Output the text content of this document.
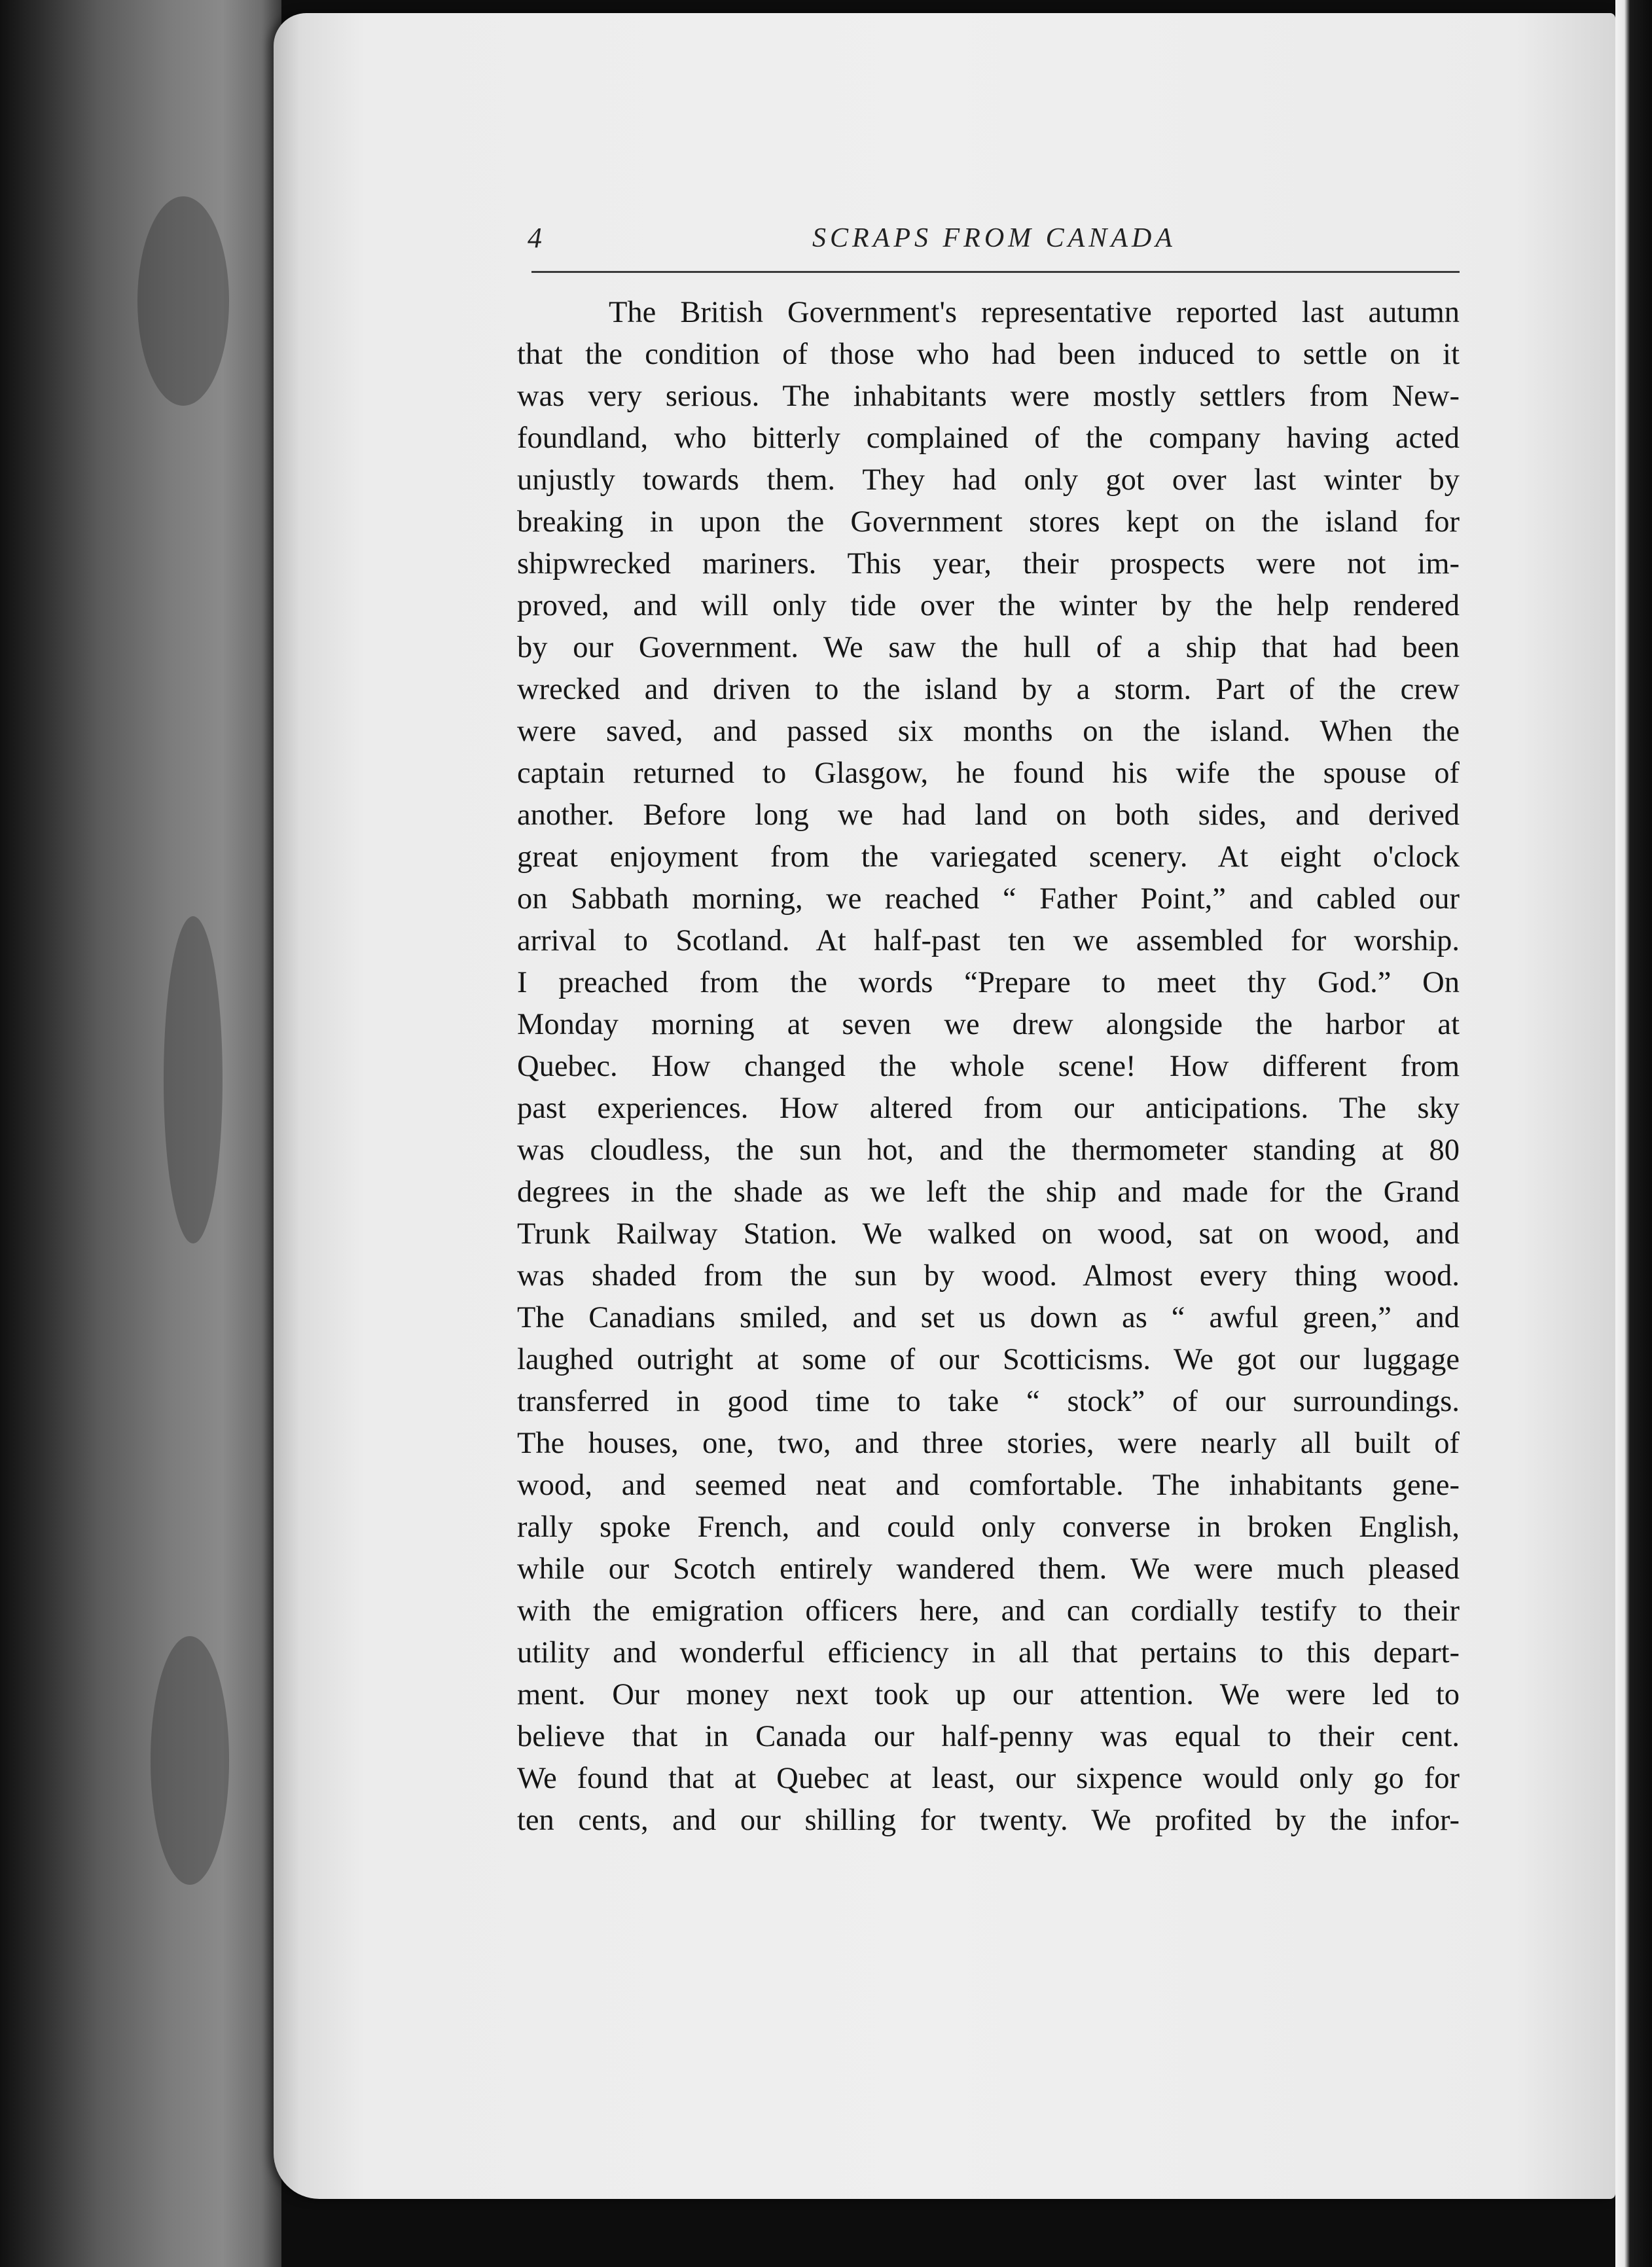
4	SCRAPS FROM CANADA
The British Government's representative reported last autumn
that the condition of those who had been induced to settle on it
was very serious. The inhabitants were mostly settlers from New-
foundland, who bitterly complained of the company having acted
unjustly towards them. They had only got over last winter by
breaking in upon the Government stores kept on the island for
shipwrecked mariners. This year, their prospects were not im-
proved, and will only tide over the winter by the help rendered
by our Government. We saw the hull of a ship that had been
wrecked and driven to the island by a storm. Part of the crew
were saved, and passed six months on the island. When the
captain returned to Glasgow, he found his wife the spouse of
another. Before long we had land on both sides, and derived
great enjoyment from the variegated scenery. At eight o'clock
on Sabbath morning, we reached “ Father Point,” and cabled our
arrival to Scotland. At half-past ten we assembled for worship.
I preached from the words “Prepare to meet thy God.” On
Monday morning at seven we drew alongside the harbor at
Quebec. How changed the whole scene! How different from
past experiences. How altered from our anticipations. The sky
was cloudless, the sun hot, and the thermometer standing at 80
degrees in the shade as we left the ship and made for the Grand
Trunk Railway Station. We walked on wood, sat on wood, and
was shaded from the sun by wood. Almost every thing wood.
The Canadians smiled, and set us down as “ awful green,” and
laughed outright at some of our Scotticisms. We got our luggage
transferred in good time to take “ stock” of our surroundings.
The houses, one, two, and three stories, were nearly all built of
wood, and seemed neat and comfortable. The inhabitants gene-
rally spoke French, and could only converse in broken English,
while our Scotch entirely wandered them. We were much pleased
with the emigration officers here, and can cordially testify to their
utility and wonderful efficiency in all that pertains to this depart-
ment. Our money next took up our attention. We were led to
believe that in Canada our half-penny was equal to their cent.
We found that at Quebec at least, our sixpence would only go for
ten cents, and our shilling for twenty. We profited by the infor-
